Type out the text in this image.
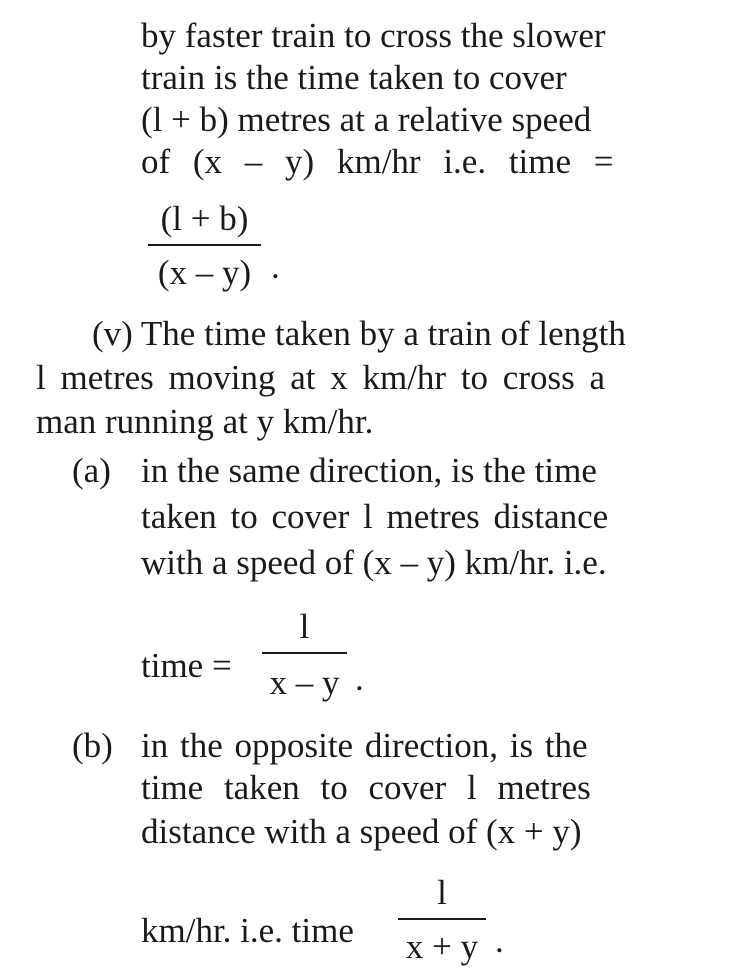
by faster train to cross the slower
train is the time taken to cover
(l + b) metres at a relative speed
of (x – y) km/hr i.e. time =
(l + b)
(x – y) .
(v) The time taken by a train of length
l metres moving at x km/hr to cross a
man running at y km/hr.
(a) in the same direction, is the time
taken to cover l metres distance
with a speed of (x – y) km/hr. i.e.
time =
l
x – y .
(b) in the opposite direction, is the
time taken to cover l metres
distance with a speed of (x + y)
km/hr. i.e. time
l
x + y .
